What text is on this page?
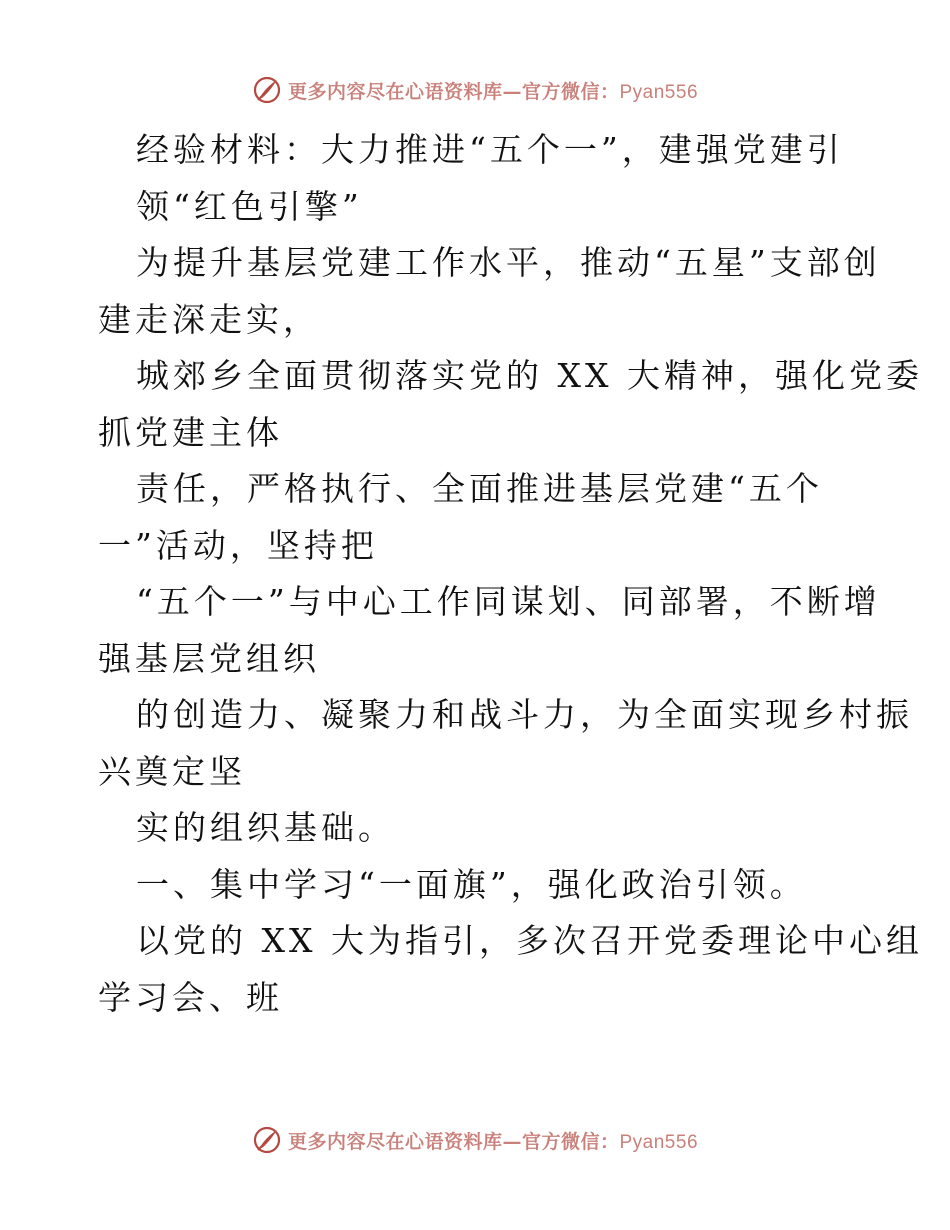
更多内容尽在心语资料库—官方微信：Pyan556
经验材料：大力推进“五个一”，建强党建引
领“红色引擎”
为提升基层党建工作水平，推动“五星”支部创
建走深走实，
城郊乡全面贯彻落实党的 XX 大精神，强化党委
抓党建主体
责任，严格执行、全面推进基层党建“五个
一”活动，坚持把
“五个一”与中心工作同谋划、同部署，不断增
强基层党组织
的创造力、凝聚力和战斗力，为全面实现乡村振
兴奠定坚
实的组织基础。
一、集中学习“一面旗”，强化政治引领。
以党的 XX 大为指引，多次召开党委理论中心组
学习会、班
更多内容尽在心语资料库—官方微信：Pyan556
